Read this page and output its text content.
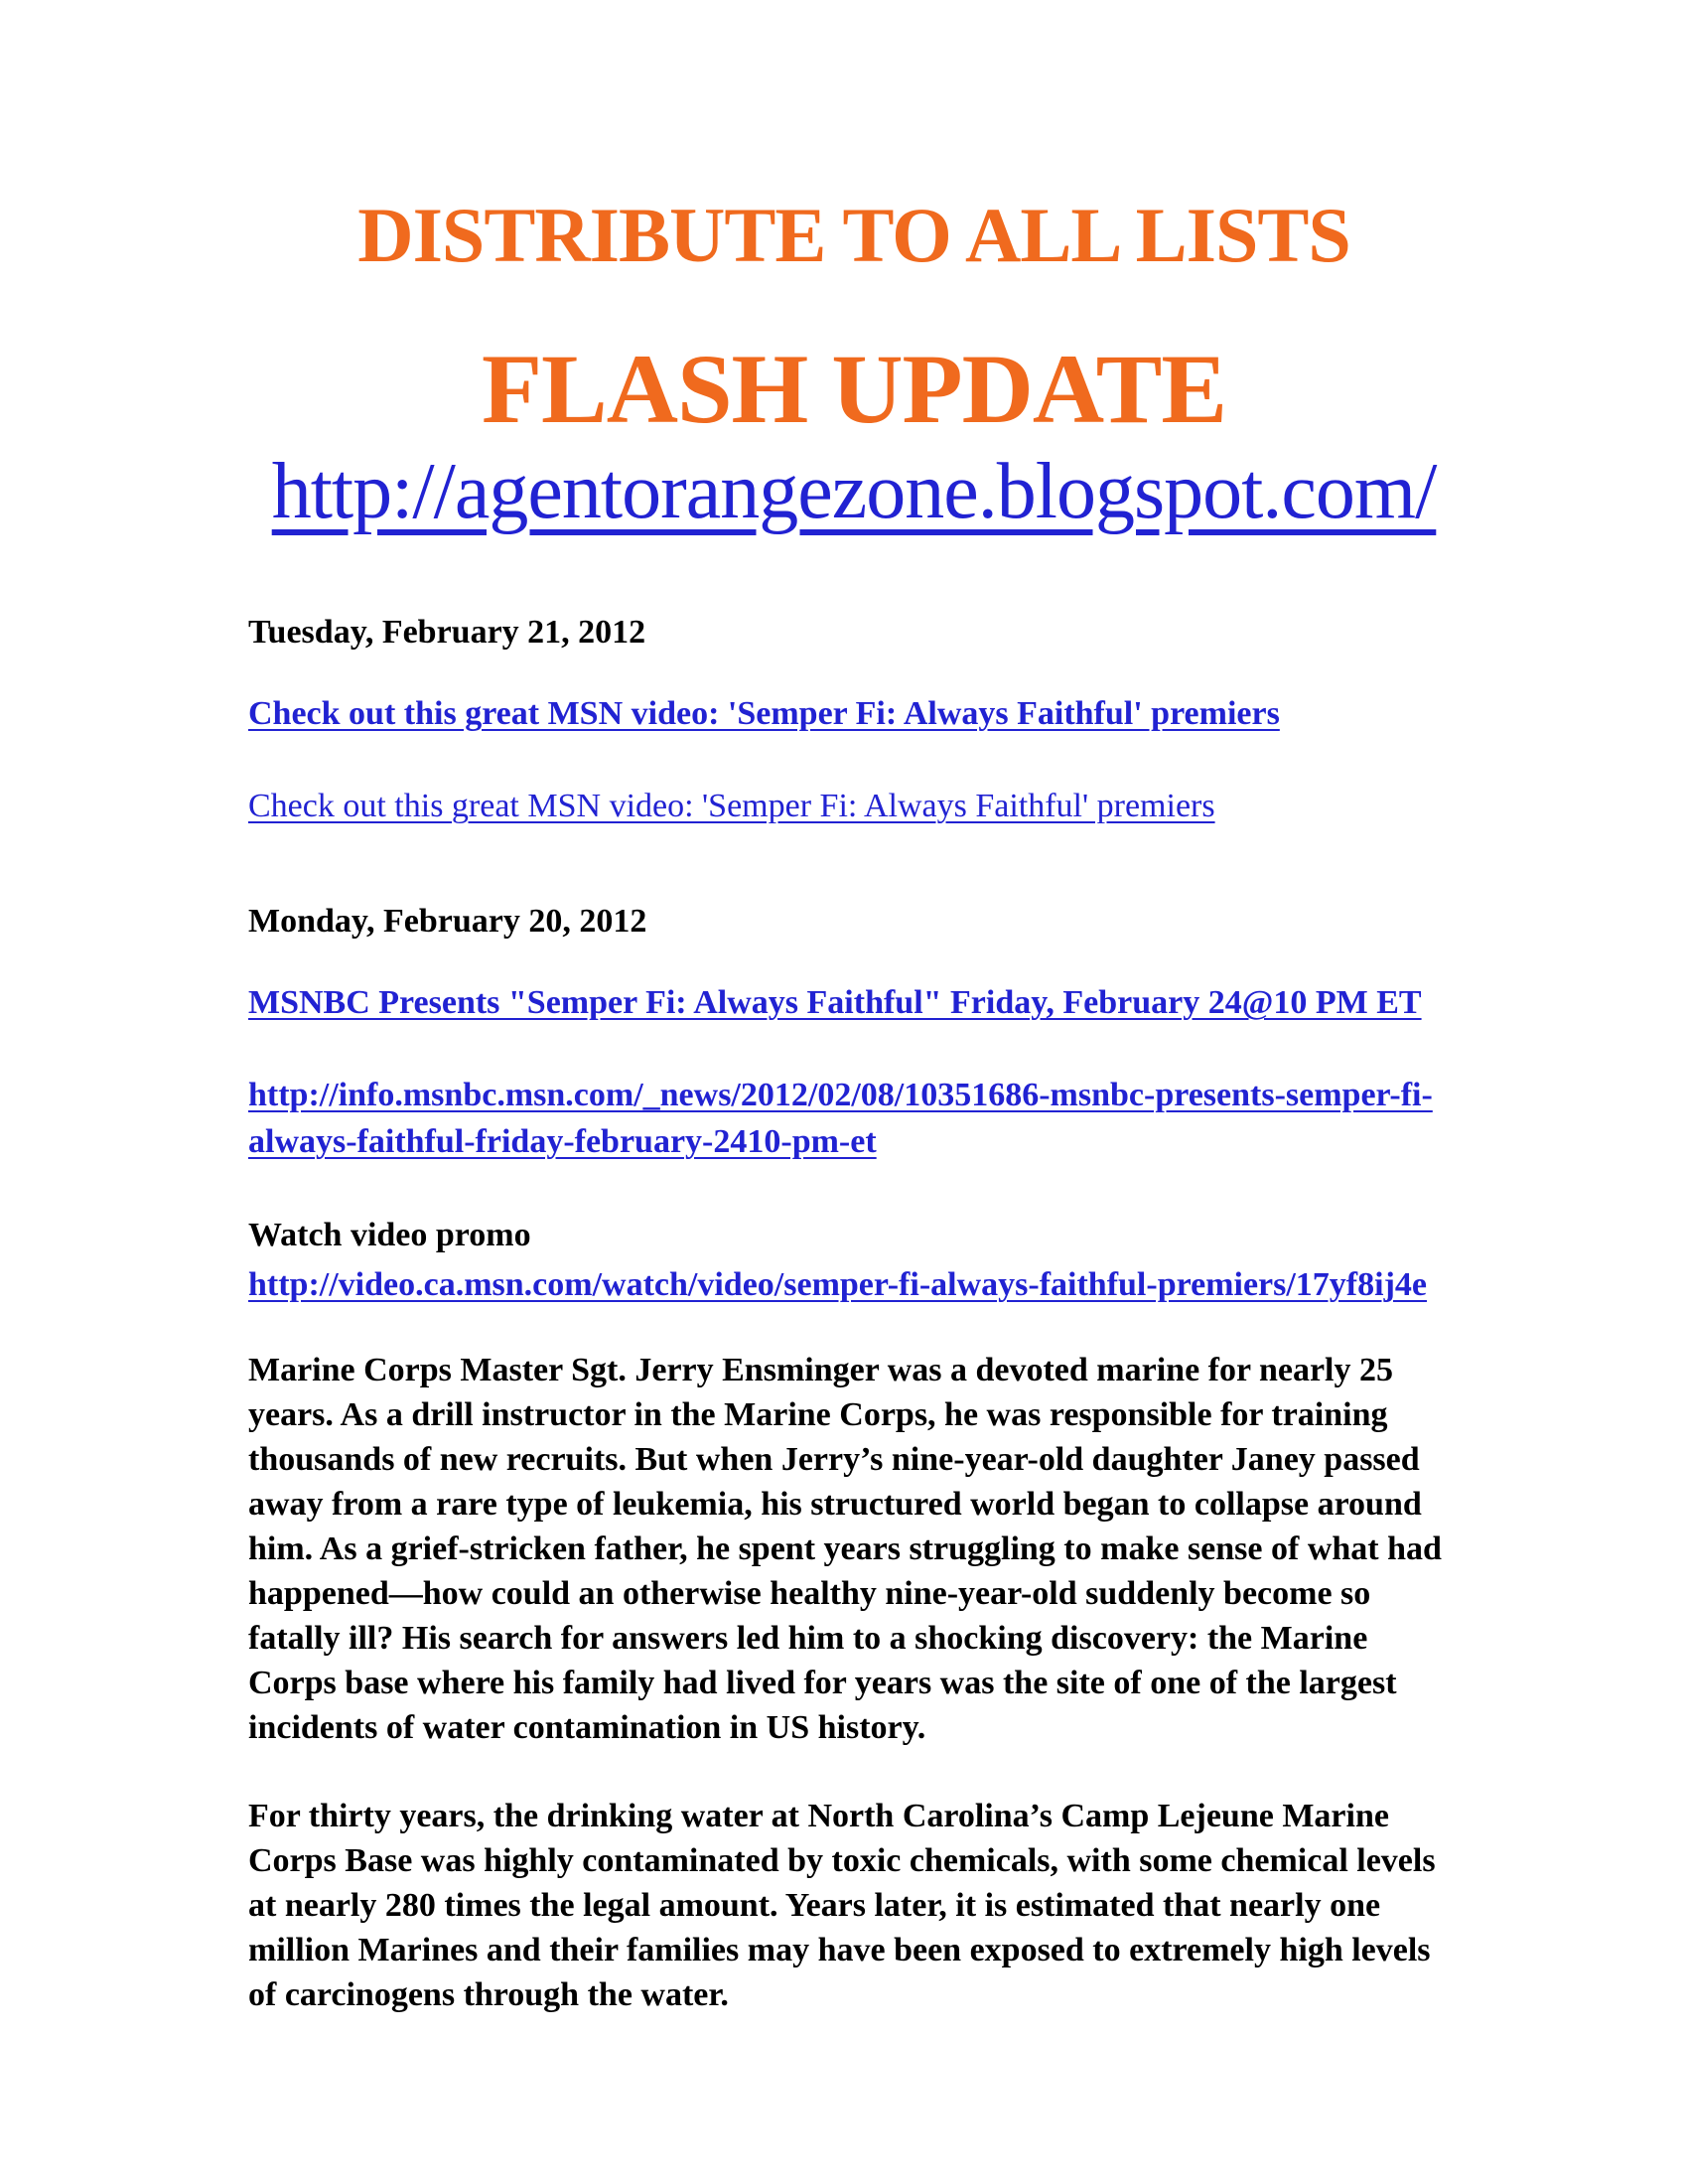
DISTRIBUTE TO ALL LISTS
FLASH UPDATE

http://agentorangezone.blogspot.com/

Tuesday, February 21, 2012

Check out this great MSN video: 'Semper Fi: Always Faithful' premiers

Check out this great MSN video: 'Semper Fi: Always Faithful' premiers

Monday, February 20, 2012

MSNBC Presents "Semper Fi: Always Faithful" Friday, February 24@10 PM ET

http://info.msnbc.msn.com/_news/2012/02/08/10351686-msnbc-presents-semper-fi-always-faithful-friday-february-2410-pm-et

Watch video promo
http://video.ca.msn.com/watch/video/semper-fi-always-faithful-premiers/17yf8ij4e

Marine Corps Master Sgt. Jerry Ensminger was a devoted marine for nearly 25 years. As a drill instructor in the Marine Corps, he was responsible for training thousands of new recruits. But when Jerry’s nine-year-old daughter Janey passed away from a rare type of leukemia, his structured world began to collapse around him. As a grief-stricken father, he spent years struggling to make sense of what had happened—how could an otherwise healthy nine-year-old suddenly become so fatally ill? His search for answers led him to a shocking discovery: the Marine Corps base where his family had lived for years was the site of one of the largest incidents of water contamination in US history.

For thirty years, the drinking water at North Carolina’s Camp Lejeune Marine Corps Base was highly contaminated by toxic chemicals, with some chemical levels at nearly 280 times the legal amount. Years later, it is estimated that nearly one million Marines and their families may have been exposed to extremely high levels of carcinogens through the water.
